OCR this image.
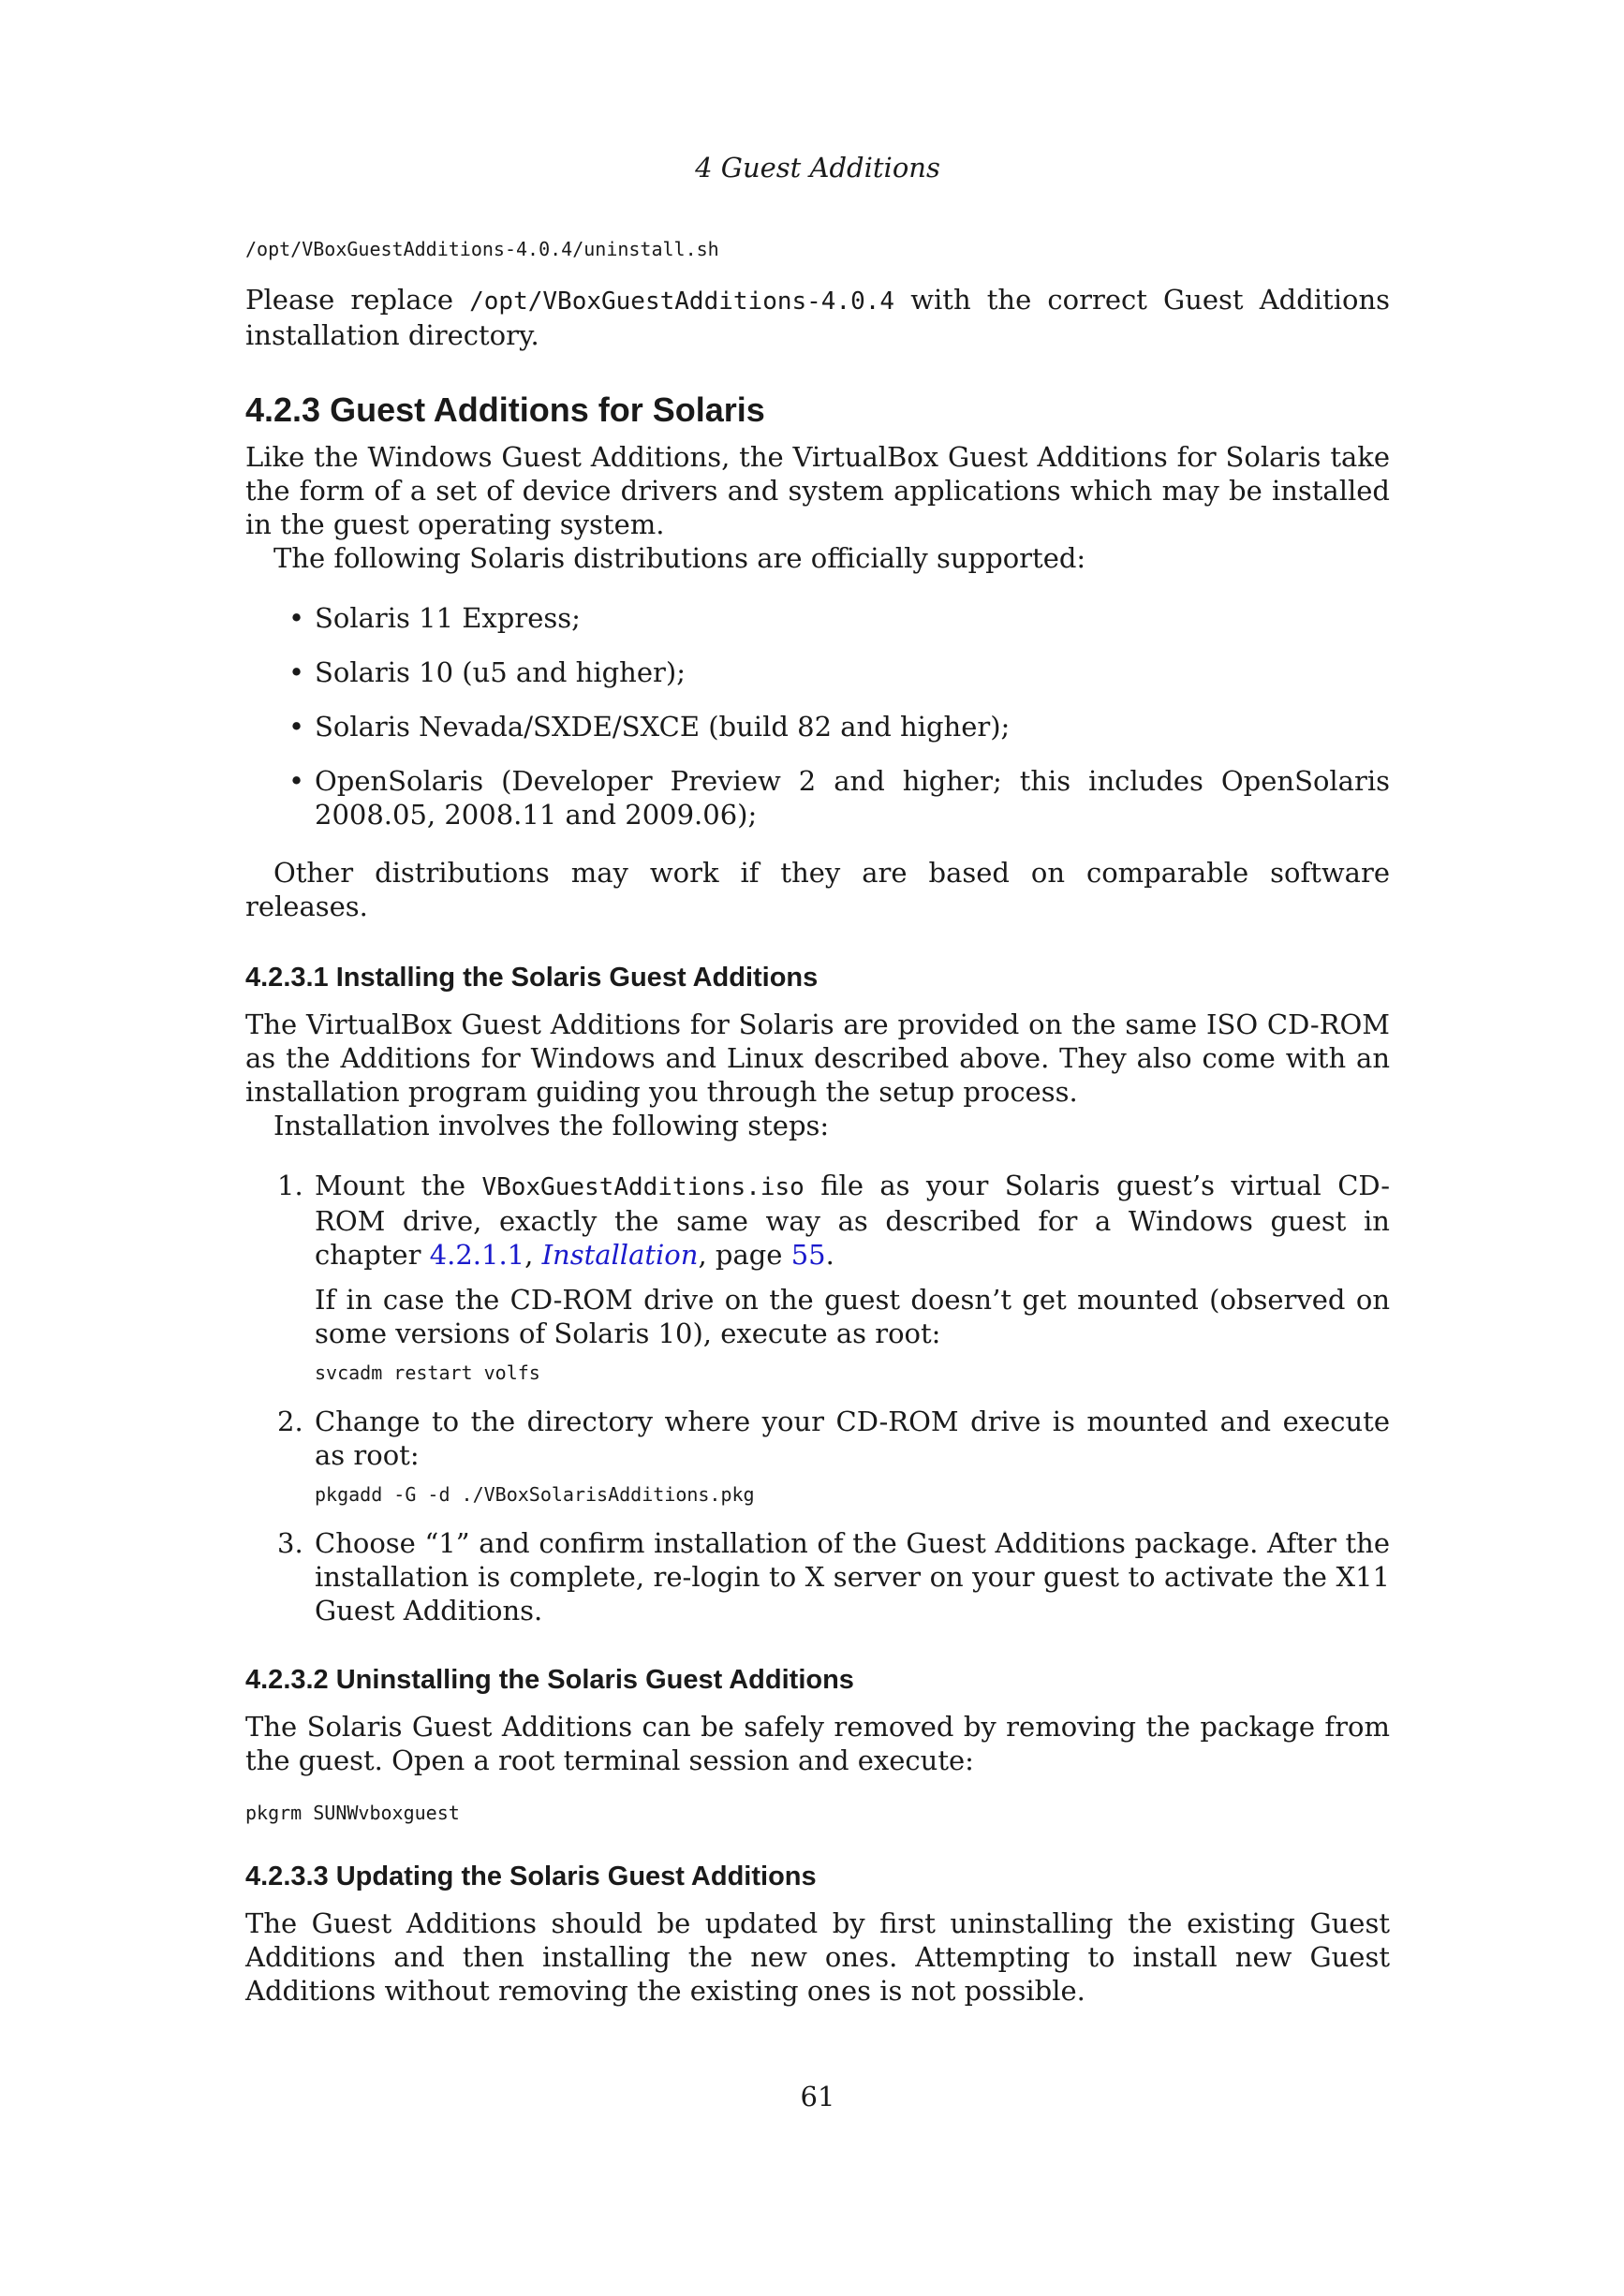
4 Guest Additions
/opt/VBoxGuestAdditions-4.0.4/uninstall.sh

Please replace /opt/VBoxGuestAdditions-4.0.4 with the correct Guest Additions installation directory.

4.2.3 Guest Additions for Solaris

Like the Windows Guest Additions, the VirtualBox Guest Additions for Solaris take the form of a set of device drivers and system applications which may be installed in the guest operating system.

The following Solaris distributions are officially supported:

• Solaris 11 Express;
• Solaris 10 (u5 and higher);
• Solaris Nevada/SXDE/SXCE (build 82 and higher);
• OpenSolaris (Developer Preview 2 and higher; this includes OpenSolaris 2008.05, 2008.11 and 2009.06);

Other distributions may work if they are based on comparable software releases.

4.2.3.1 Installing the Solaris Guest Additions

The VirtualBox Guest Additions for Solaris are provided on the same ISO CD-ROM as the Additions for Windows and Linux described above. They also come with an installation program guiding you through the setup process.

Installation involves the following steps:

1. Mount the VBoxGuestAdditions.iso file as your Solaris guest’s virtual CD-ROM drive, exactly the same way as described for a Windows guest in chapter 4.2.1.1, Installation, page 55.

If in case the CD-ROM drive on the guest doesn’t get mounted (observed on some versions of Solaris 10), execute as root:

svcadm restart volfs
2. Change to the directory where your CD-ROM drive is mounted and execute as root:

pkgadd -G -d ./VBoxSolarisAdditions.pkg
3. Choose “1” and confirm installation of the Guest Additions package. After the installation is complete, re-login to X server on your guest to activate the X11 Guest Additions.

4.2.3.2 Uninstalling the Solaris Guest Additions

The Solaris Guest Additions can be safely removed by removing the package from the guest. Open a root terminal session and execute:

pkgrm SUNWvboxguest
4.2.3.3 Updating the Solaris Guest Additions

The Guest Additions should be updated by first uninstalling the existing Guest Additions and then installing the new ones. Attempting to install new Guest Additions without removing the existing ones is not possible.

61
